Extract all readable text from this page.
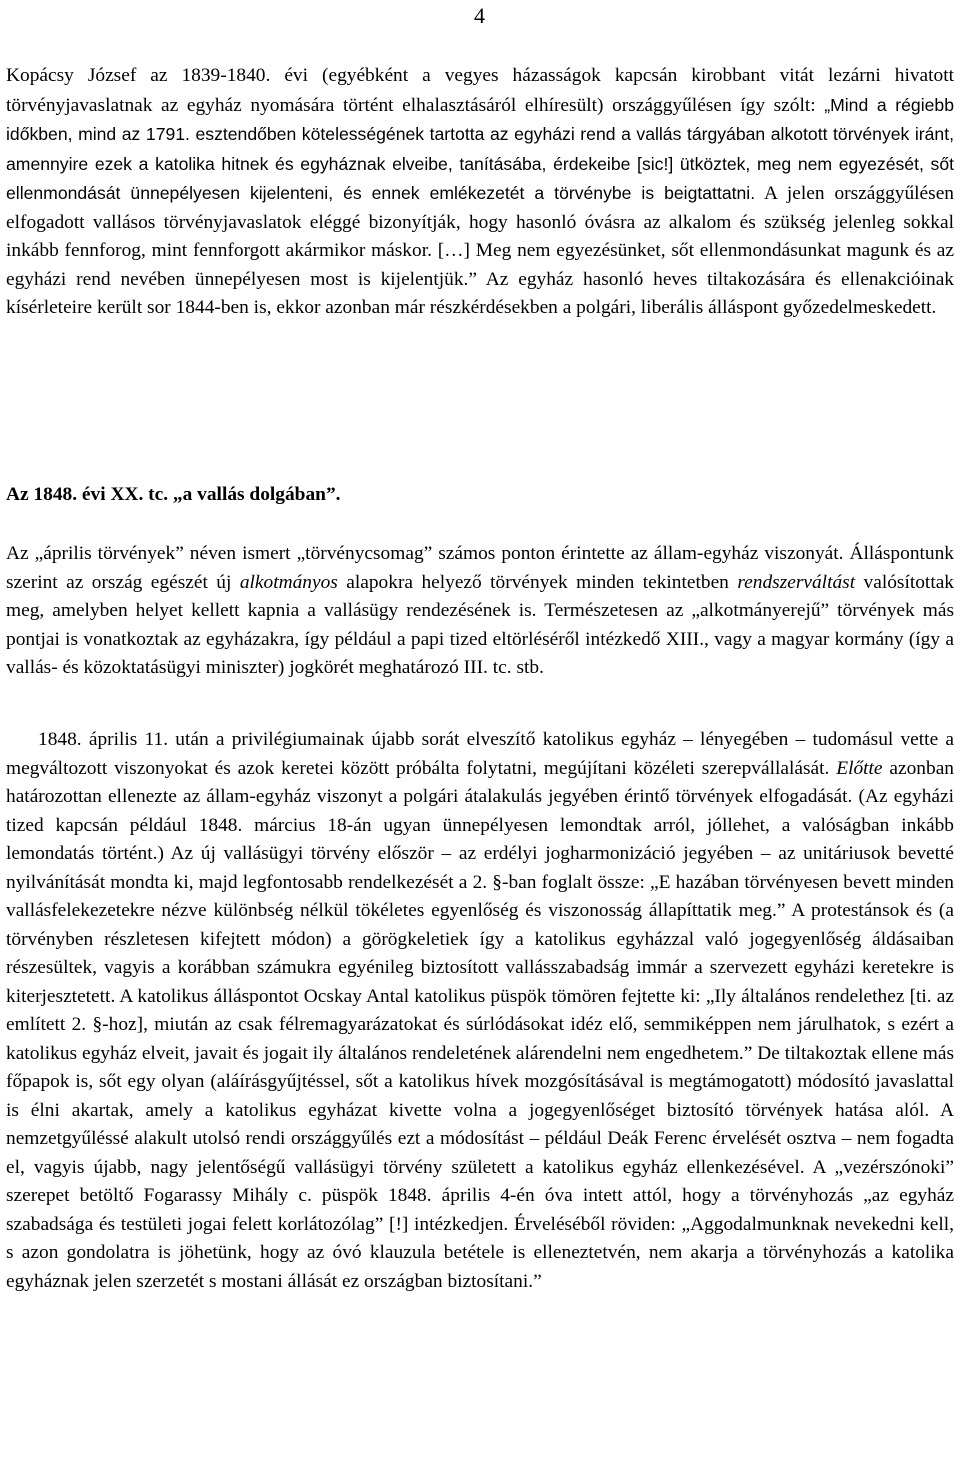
4

Kopácsy József az 1839-1840. évi (egyébként a vegyes házasságok kapcsán kirobbant vitát lezárni hivatott törvényjavaslatnak az egyház nyomására történt elhalasztásáról elhíresült) országgyűlésen így szólt: „Mind a régiebb időkben, mind az 1791. esztendőben kötelességének tartotta az egyházi rend a vallás tárgyában alkotott törvények iránt, amennyire ezek a katolika hitnek és egyháznak elveibe, tanításába, érdekeibe [sic!] ütköztek, meg nem egyezését, sőt ellenmondását ünnepélyesen kijelenteni, és ennek emlékezetét a törvénybe is beigtattatni. A jelen országgyűlésen elfogadott vallásos törvényjavaslatok eléggé bizonyítják, hogy hasonló óvásra az alkalom és szükség jelenleg sokkal inkább fennforog, mint fennforgott akármikor máskor. […] Meg nem egyezésünket, sőt ellenmondásunkat magunk és az egyházi rend nevében ünnepélyesen most is kijelentjük.” Az egyház hasonló heves tiltakozására és ellenakcióinak kísérleteire került sor 1844-ben is, ekkor azonban már részkérdésekben a polgári, liberális álláspont győzedelmeskedett.

Az 1848. évi XX. tc. „a vallás dolgában”.

Az „április törvények” néven ismert „törvénycsomag” számos ponton érintette az állam-egyház viszonyát. Álláspontunk szerint az ország egészét új alkotmányos alapokra helyező törvények minden tekintetben rendszerváltást valósítottak meg, amelyben helyet kellett kapnia a vallásügy rendezésének is. Természetesen az „alkotmányerejű” törvények más pontjai is vonatkoztak az egyházakra, így például a papi tized eltörléséről intézkedő XIII., vagy a magyar kormány (így a vallás- és közoktatásügyi miniszter) jogkörét meghatározó III. tc. stb.

1848. április 11. után a privilégiumainak újabb sorát elveszítő katolikus egyház – lényegében – tudomásul vette a megváltozott viszonyokat és azok keretei között próbálta folytatni, megújítani közéleti szerepvállalását. Előtte azonban határozottan ellenezte az állam-egyház viszonyt a polgári átalakulás jegyében érintő törvények elfogadását. (Az egyházi tized kapcsán például 1848. március 18-án ugyan ünnepélyesen lemondtak arról, jóllehet, a valóságban inkább lemondatás történt.) Az új vallásügyi törvény először – az erdélyi jogharmonizáció jegyében – az unitáriusok bevetté nyilvánítását mondta ki, majd legfontosabb rendelkezését a 2. §-ban foglalt össze: „E hazában törvényesen bevett minden vallásfelekezetekre nézve különbség nélkül tökéletes egyenlőség és viszonosság állapíttatik meg.” A protestánsok és (a törvényben részletesen kifejtett módon) a görögkeletiek így a katolikus egyházzal való jogegyenlőség áldásaiban részesültek, vagyis a korábban számukra egyénileg biztosított vallásszabadság immár a szervezett egyházi keretekre is kiterjesztetett. A katolikus álláspontot Ocskay Antal katolikus püspök tömören fejtette ki: „Ily általános rendelethez [ti. az említett 2. §-hoz], miután az csak félremagyarázatokat és súrlódásokat idéz elő, semmiképpen nem járulhatok, s ezért a katolikus egyház elveit, javait és jogait ily általános rendeletének alárendelni nem engedhetem.” De tiltakoztak ellene más főpapok is, sőt egy olyan (aláírásgyűjtéssel, sőt a katolikus hívek mozgósításával is megtámogatott) módosító javaslattal is élni akartak, amely a katolikus egyházat kivette volna a jogegyenlőséget biztosító törvények hatása alól. A nemzetgyűléssé alakult utolsó rendi országgyűlés ezt a módosítást – például Deák Ferenc érvelését osztva – nem fogadta el, vagyis újabb, nagy jelentőségű vallásügyi törvény született a katolikus egyház ellenkezésével. A „vezérszónoki” szerepet betöltő Fogarassy Mihály c. püspök 1848. április 4-én óva intett attól, hogy a törvényhozás „az egyház szabadsága és testületi jogai felett korlátozólag” [!] intézkedjen. Érveléséből röviden: „Aggodalmunknak nevekedni kell, s azon gondolatra is jöhetünk, hogy az óvó klauzula betétele is elleneztetvén, nem akarja a törvényhozás a katolika egyháznak jelen szerzetét s mostani állását ez országban biztosítani.”
